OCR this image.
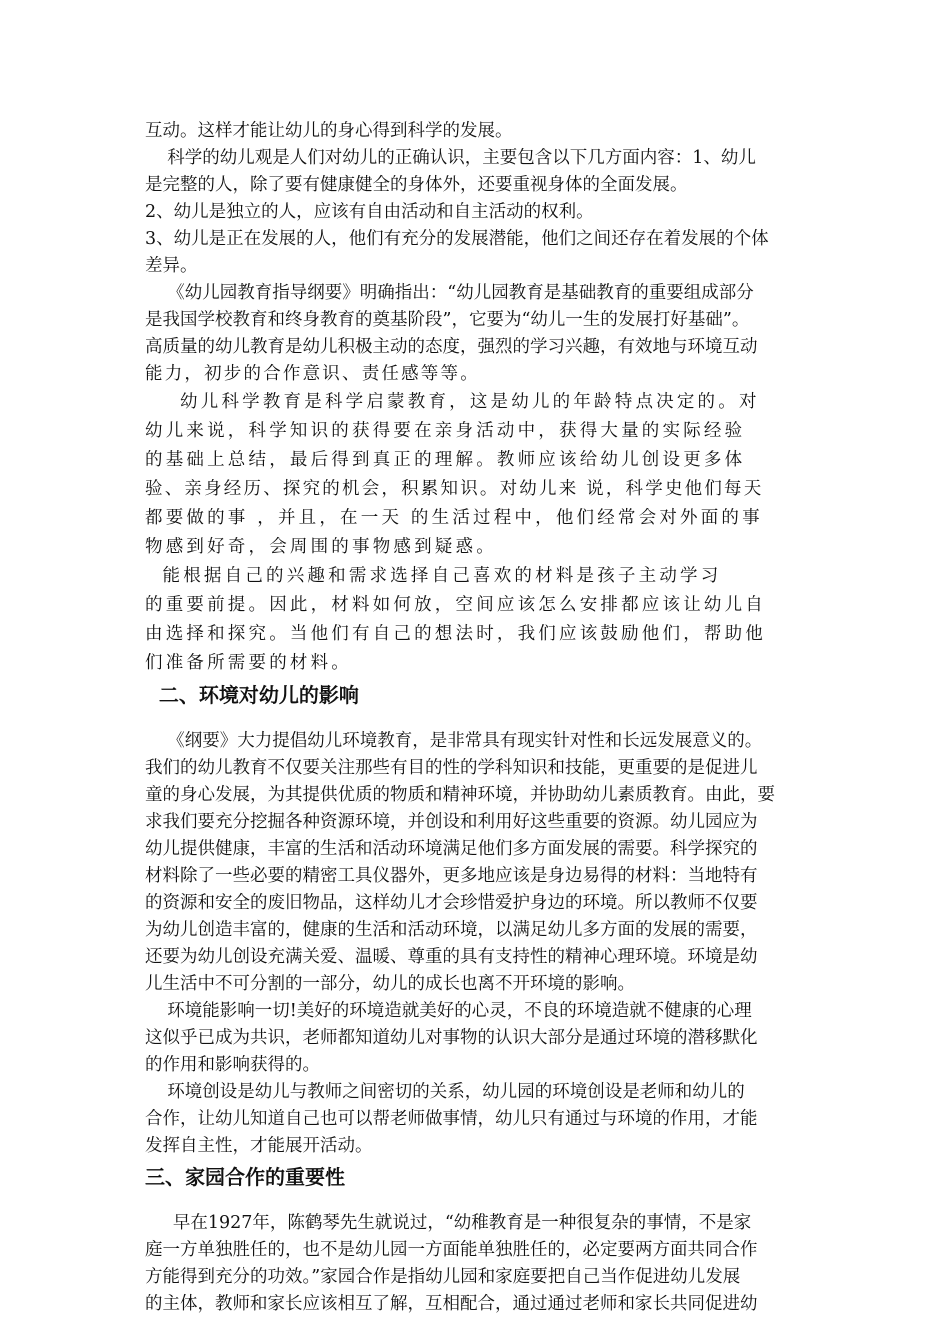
互动。这样才能让幼儿的身心得到科学的发展。
科学的幼儿观是人们对幼儿的正确认识，主要包含以下几方面内容：1、幼儿
是完整的人，除了要有健康健全的身体外，还要重视身体的全面发展。
2、幼儿是独立的人，应该有自由活动和自主活动的权利。
3、幼儿是正在发展的人，他们有充分的发展潜能，他们之间还存在着发展的个体
差异。
《幼儿园教育指导纲要》明确指出：“幼儿园教育是基础教育的重要组成部分
是我国学校教育和终身教育的奠基阶段”，它要为“幼儿一生的发展打好基础”。
高质量的幼儿教育是幼儿积极主动的态度，强烈的学习兴趣，有效地与环境互动
能力，初步的合作意识、责任感等等。
幼儿科学教育是科学启蒙教育，这是幼儿的年龄特点决定的。对
幼儿来说，科学知识的获得要在亲身活动中，获得大量的实际经验
的基础上总结，最后得到真正的理解。教师应该给幼儿创设更多体
验、亲身经历、探究的机会，积累知识。对幼儿来 说，科学史他们每天
都要做的事 ，并且，在一天 的生活过程中，他们经常会对外面的事
物感到好奇，会周围的事物感到疑惑。
能根据自己的兴趣和需求选择自己喜欢的材料是孩子主动学习
的重要前提。因此，材料如何放，空间应该怎么安排都应该让幼儿自
由选择和探究。当他们有自己的想法时，我们应该鼓励他们，帮助他
们准备所需要的材料。
二、环境对幼儿的影响
《纲要》大力提倡幼儿环境教育，是非常具有现实针对性和长远发展意义的。
我们的幼儿教育不仅要关注那些有目的性的学科知识和技能，更重要的是促进儿
童的身心发展，为其提供优质的物质和精神环境，并协助幼儿素质教育。由此，要
求我们要充分挖掘各种资源环境，并创设和利用好这些重要的资源。幼儿园应为
幼儿提供健康，丰富的生活和活动环境满足他们多方面发展的需要。科学探究的
材料除了一些必要的精密工具仪器外，更多地应该是身边易得的材料：当地特有
的资源和安全的废旧物品，这样幼儿才会珍惜爱护身边的环境。所以教师不仅要
为幼儿创造丰富的，健康的生活和活动环境，以满足幼儿多方面的发展的需要，
还要为幼儿创设充满关爱、温暖、尊重的具有支持性的精神心理环境。环境是幼
儿生活中不可分割的一部分，幼儿的成长也离不开环境的影响。
环境能影响一切!美好的环境造就美好的心灵，不良的环境造就不健康的心理
这似乎已成为共识，老师都知道幼儿对事物的认识大部分是通过环境的潜移默化
的作用和影响获得的。
环境创设是幼儿与教师之间密切的关系，幼儿园的环境创设是老师和幼儿的
合作，让幼儿知道自己也可以帮老师做事情，幼儿只有通过与环境的作用，才能
发挥自主性，才能展开活动。
三、家园合作的重要性
早在1927年，陈鹤琴先生就说过，“幼稚教育是一种很复杂的事情，不是家
庭一方单独胜任的，也不是幼儿园一方面能单独胜任的，必定要两方面共同合作
方能得到充分的功效。”家园合作是指幼儿园和家庭要把自己当作促进幼儿发展
的主体，教师和家长应该相互了解，互相配合，通过通过老师和家长共同促进幼
